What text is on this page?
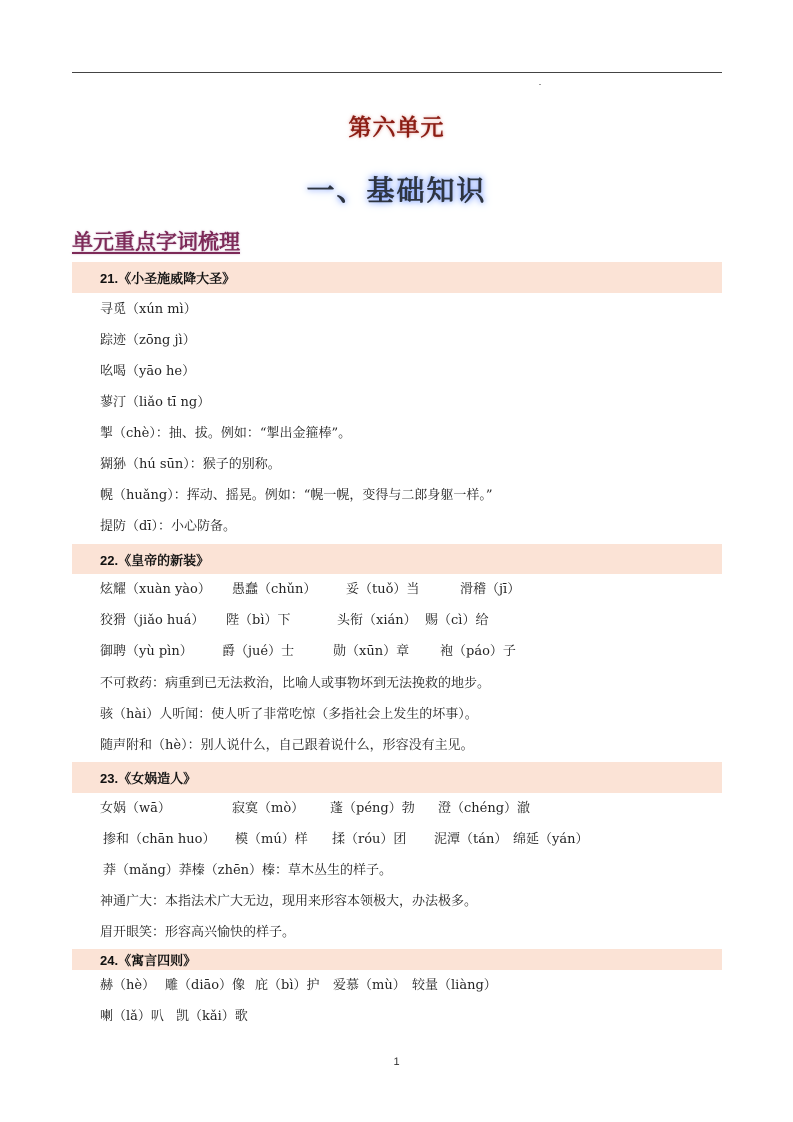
第六单元
一、基础知识
单元重点字词梳理
21.《小圣施威降大圣》
寻觅（xún mì）
踪迹（zōng jì）
吆喝（yāo he）
蓼汀（liǎo tī ng）
掣（chè）：抽、拔。例如：“掣出金箍棒”。
猢狲（hú sūn）：猴子的别称。
幌（huǎng）：挥动、摇晃。例如：“幌一幌，变得与二郎身躯一样。”
提防（dī）：小心防备。
22.《皇帝的新装》
炫耀（xuàn yào） 愚蠢（chǔn） 妥（tuǒ）当	滑稽（jī）
狡猾（jiǎo huá） 陛（bì）下	头衔（xián） 赐（cì）给
御聘（yù pìn） 爵（jué）士	勋（xūn）章 袍（páo）子
不可救药：病重到已无法救治，比喻人或事物坏到无法挽救的地步。
骇（hài）人听闻：使人听了非常吃惊（多指社会上发生的坏事）。
随声附和（hè）：别人说什么，自己跟着说什么，形容没有主见。
23.《女娲造人》
女娲（wā）	寂寞（mò） 蓬（péng）勃 澄（chéng）澈
掺和（chān huo） 模（mú）样 揉（róu）团 泥潭（tán） 绵延（yán）
莽（mǎng）莽榛（zhēn）榛：草木丛生的样子。
神通广大：本指法术广大无边，现用来形容本领极大，办法极多。
眉开眼笑：形容高兴愉快的样子。
24.《寓言四则》
赫（hè） 雕（diāo）像 庇（bì）护 爱慕（mù） 较量（liàng）
喇（lǎ）叭 凯（kǎi）歌
1
